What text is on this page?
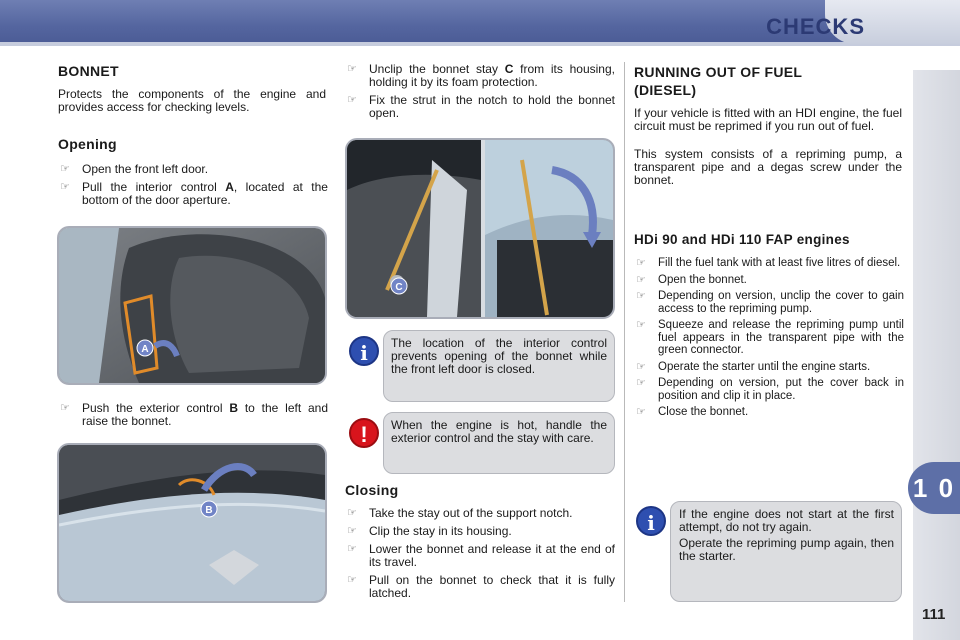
CHECKS
1 0
111
BONNET

Protects the components of the engine and provides access for checking levels.

Opening
☞ Open the front left door.
☞ Pull the interior control A, located at the bottom of the door aperture.
A
☞ Push the exterior control B to the left and raise the bonnet.
B
☞ Unclip the bonnet stay C from its housing, holding it by its foam protection.
☞ Fix the strut in the notch to hold the bonnet open.
C
i	The location of the interior control prevents opening of the bonnet while the front left door is closed.

!	When the engine is hot, handle the exterior control and the stay with care.

Closing
☞ Take the stay out of the support notch.
☞ Clip the stay in its housing.
☞ Lower the bonnet and release it at the end of its travel.
☞ Pull on the bonnet to check that it is fully latched.
RUNNING OUT OF FUEL
(DIESEL)

If your vehicle is fitted with an HDI engine, the fuel circuit must be reprimed if you run out of fuel.

This system consists of a repriming pump, a transparent pipe and a degas screw under the bonnet.

HDi 90 and HDi 110 FAP engines
☞ Fill the fuel tank with at least five litres of diesel.
☞ Open the bonnet.
☞ Depending on version, unclip the cover to gain access to the repriming pump.
☞ Squeeze and release the repriming pump until fuel appears in the transparent pipe with the green connector.
☞ Operate the starter until the engine starts.
☞ Depending on version, put the cover back in position and clip it in place.
☞ Close the bonnet.

If the engine does not start at the first attempt, do not try again.

Operate the repriming pump again, then the starter.

i
